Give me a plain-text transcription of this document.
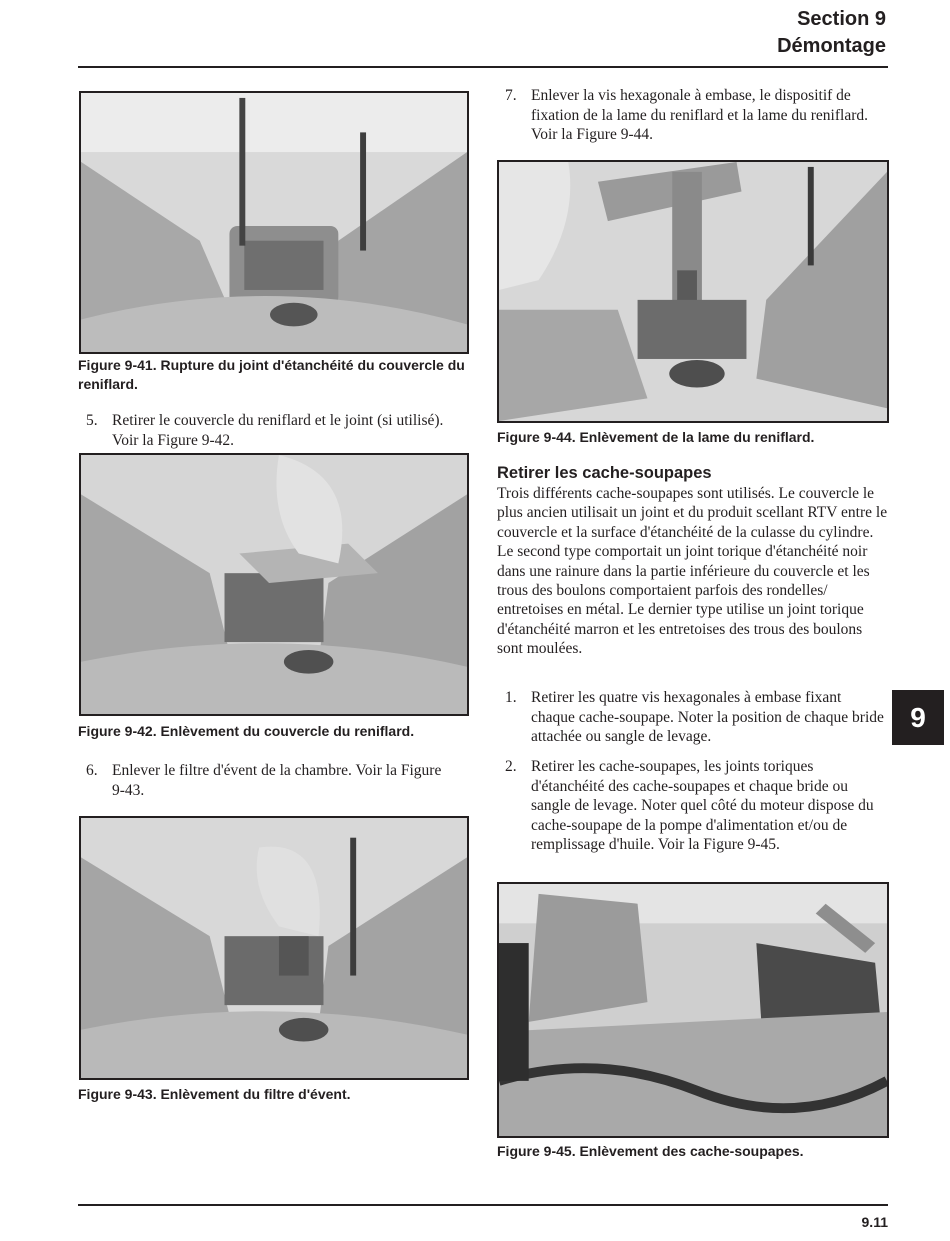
Section 9
Démontage
9
Figure 9-41. Rupture du joint d'étanchéité du couvercle du reniflard.
5. Retirer le couvercle du reniflard et le joint (si utilisé). Voir la Figure 9-42.
Figure 9-42. Enlèvement du couvercle du reniflard.
6. Enlever le filtre d'évent de la chambre. Voir la Figure 9-43.
Figure 9-43. Enlèvement du filtre d'évent.
7. Enlever la vis hexagonale à embase, le dispositif de fixation de la lame du reniflard et la lame du reniflard. Voir la Figure 9-44.
Figure 9-44. Enlèvement de la lame du reniflard.
Retirer les cache-soupapes
Trois différents cache-soupapes sont utilisés. Le couvercle le plus ancien utilisait un joint et du produit scellant RTV entre le couvercle et la surface d'étanchéité de la culasse du cylindre. Le second type comportait un joint torique d'étanchéité noir dans une rainure dans la partie inférieure du couvercle et les trous des boulons comportaient parfois des rondelles/ entretoises en métal. Le dernier type utilise un joint torique d'étanchéité marron et les entretoises des trous des boulons sont moulées.
1. Retirer les quatre vis hexagonales à embase fixant chaque cache-soupape. Noter la position de chaque bride attachée ou sangle de levage.
2. Retirer les cache-soupapes, les joints toriques d'étanchéité des cache-soupapes et chaque bride ou sangle de levage. Noter quel côté du moteur dispose du cache-soupape de la pompe d'alimentation et/ou de remplissage d'huile. Voir la Figure 9-45.
Figure 9-45. Enlèvement des cache-soupapes.
9.11
